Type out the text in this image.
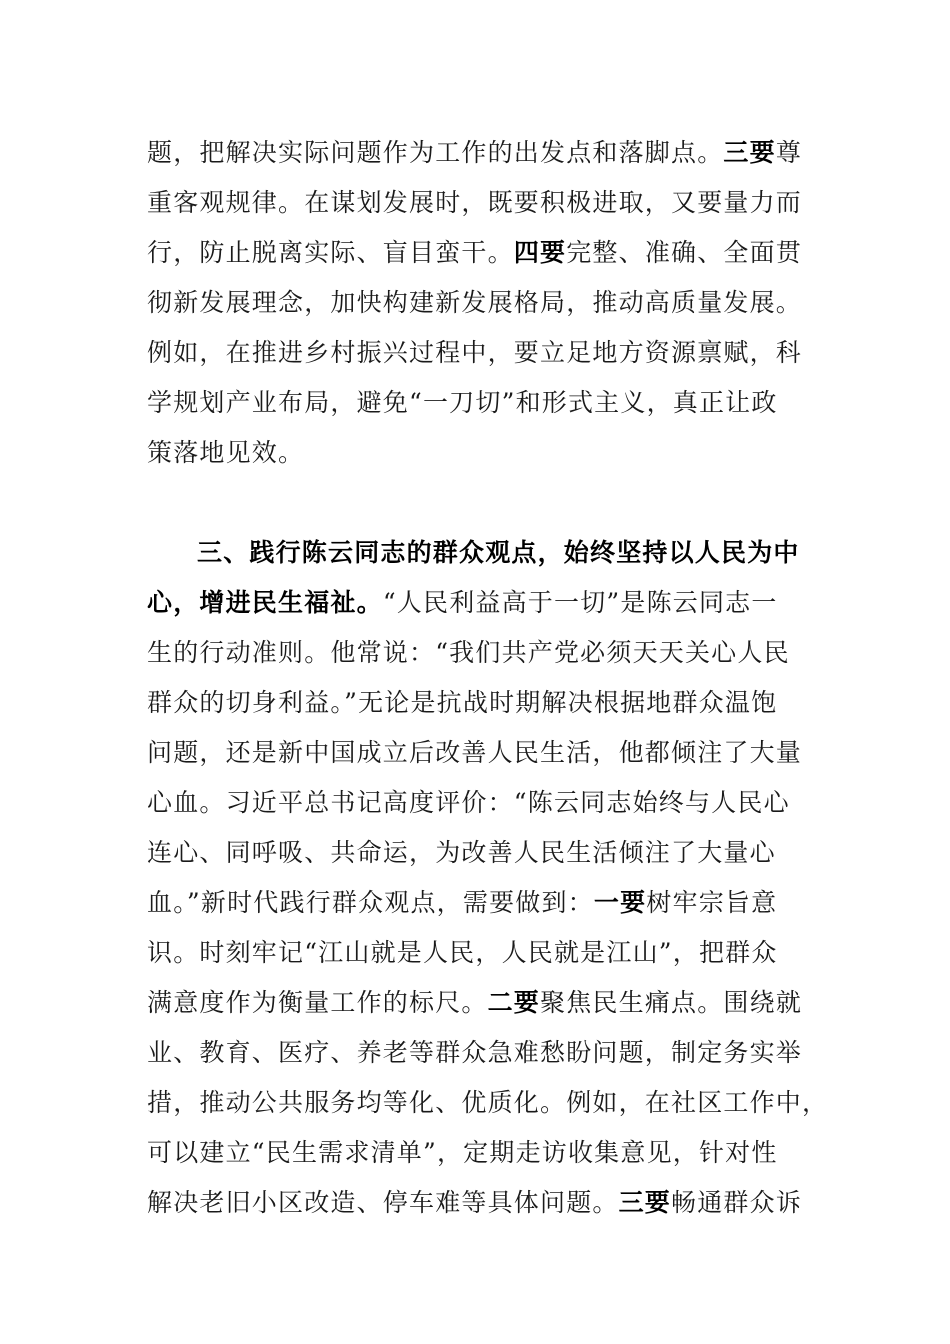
题，把解决实际问题作为工作的出发点和落脚点。三要尊
重客观规律。在谋划发展时，既要积极进取，又要量力而
行，防止脱离实际、盲目蛮干。四要完整、准确、全面贯
彻新发展理念，加快构建新发展格局，推动高质量发展。
例如，在推进乡村振兴过程中，要立足地方资源禀赋，科
学规划产业布局，避免“一刀切”和形式主义，真正让政
策落地见效。
三、践行陈云同志的群众观点，始终坚持以人民为中
心，增进民生福祉。“人民利益高于一切”是陈云同志一
生的行动准则。他常说：“我们共产党必须天天关心人民
群众的切身利益。”无论是抗战时期解决根据地群众温饱
问题，还是新中国成立后改善人民生活，他都倾注了大量
心血。习近平总书记高度评价：“陈云同志始终与人民心
连心、同呼吸、共命运，为改善人民生活倾注了大量心
血。”新时代践行群众观点，需要做到：一要树牢宗旨意
识。时刻牢记“江山就是人民，人民就是江山”，把群众
满意度作为衡量工作的标尺。二要聚焦民生痛点。围绕就
业、教育、医疗、养老等群众急难愁盼问题，制定务实举
措，推动公共服务均等化、优质化。例如，在社区工作中，
可以建立“民生需求清单”，定期走访收集意见，针对性
解决老旧小区改造、停车难等具体问题。三要畅通群众诉
